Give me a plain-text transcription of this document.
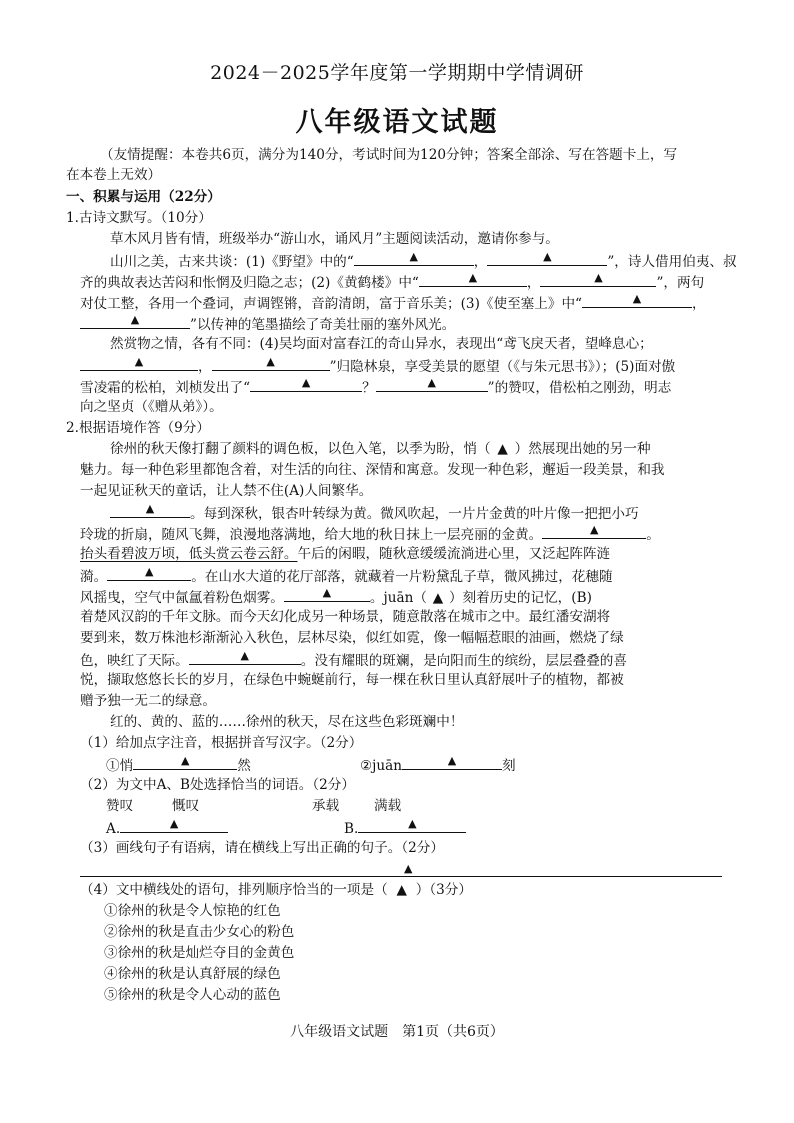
2024－2025学年度第一学期期中学情调研
八年级语文试题
（友情提醒：本卷共6页，满分为140分，考试时间为120分钟；答案全部涂、写在答题卡上，写
在本卷上无效）
一、积累与运用（22分）
1.古诗文默写。（10分）
草木风月皆有情，班级举办“游山水，诵风月”主题阅读活动，邀请你参与。
山川之美，古来共谈：(1)《野望》中的“	▲	，	▲	”，诗人借用伯夷、叔
齐的典故表达苦闷和怅惘及归隐之志；(2)《黄鹤楼》中“	▲	，	▲	”，两句
对仗工整，各用一个叠词，声调铿锵，音韵清朗，富于音乐美；(3)《使至塞上》中“	▲	，
▲	”以传神的笔墨描绘了奇美壮丽的塞外风光。
然赏物之情，各有不同：(4)吴均面对富春江的奇山异水，表现出“鸢飞戾天者，望峰息心；
▲	，	▲	”归隐林泉，享受美景的愿望（《与朱元思书》）；(5)面对傲
雪凌霜的松柏，刘桢发出了“	▲	？	▲	”的赞叹，借松柏之刚劲，明志
向之坚贞（《赠从弟》）。
2.根据语境作答（9分）
徐州的秋天像打翻了颜料的调色板，以色入笔，以季为盼，悄（ ▲ ）然展现出她的另一种
魅力。每一种色彩里都饱含着，对生活的向往、深情和寓意。发现一种色彩，邂逅一段美景，和我
一起见证秋天的童话，让人禁不住(A)人间繁华。
▲	。每到深秋，银杏叶转绿为黄。微风吹起，一片片金黄的叶片像一把把小巧
玲珑的折扇，随风飞舞，浪漫地落满地，给大地的秋日抹上一层亮丽的金黄。	▲	。
抬头看碧波万顷，低头赏云卷云舒。午后的闲暇，随秋意缓缓流淌进心里，又泛起阵阵涟
漪。	▲	。在山水大道的花厅部落，就藏着一片粉黛乱子草，微风拂过，花穗随
风摇曳，空气中氤氲着粉色烟雾。	▲	。juān（ ▲ ）刻着历史的记忆，(B)
着楚风汉韵的千年文脉。而今天幻化成另一种场景，随意散落在城市之中。最红潘安湖将
要到来，数万株池杉渐渐沁入秋色，层林尽染，似红如霓，像一幅幅惹眼的油画，燃烧了绿
色，映红了天际。	▲	。没有耀眼的斑斓，是向阳而生的缤纷，层层叠叠的喜
悦，撷取悠悠长长的岁月，在绿色中蜿蜒前行，每一棵在秋日里认真舒展叶子的植物，都被
赠予独一无二的绿意。
红的、黄的、蓝的……徐州的秋天，尽在这些色彩斑斓中！
（1）给加点字注音，根据拼音写汉字。（2分）
①悄	▲	然	②juān	▲	刻
（2）为文中A、B处选择恰当的词语。（2分）
赞叹	慨叹	承载	满载
A.	▲	B.	▲
（3）画线句子有语病，请在横线上写出正确的句子。（2分）
▲
（4）文中横线处的语句，排列顺序恰当的一项是（ ▲ ）（3分）
①徐州的秋是令人惊艳的红色
②徐州的秋是直击少女心的粉色
③徐州的秋是灿烂夺目的金黄色
④徐州的秋是认真舒展的绿色
⑤徐州的秋是令人心动的蓝色
八年级语文试题　第1页（共6页）
